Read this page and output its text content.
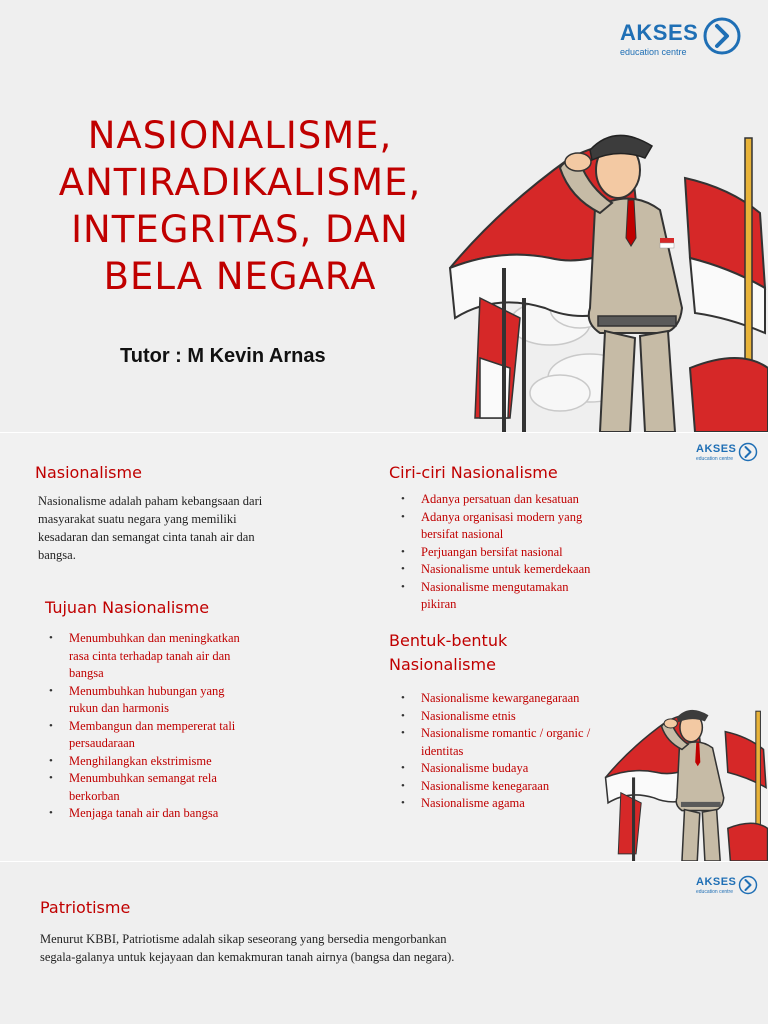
AKSES
education centre
NASIONALISME,
ANTIRADIKALISME,
INTEGRITAS, DAN
BELA NEGARA
Tutor : M Kevin Arnas
AKSES
education centre
Nasionalisme

Nasionalisme adalah paham kebangsaan dari
masyarakat suatu negara yang memiliki
kesadaran dan semangat cinta tanah air dan
bangsa.

Tujuan Nasionalisme
• Menumbuhkan dan meningkatkan
rasa cinta terhadap tanah air dan
bangsa
• Menumbuhkan hubungan yang
rukun dan harmonis
• Membangun dan mempererat tali
persaudaraan
• Menghilangkan ekstrimisme
• Menumbuhkan semangat rela
berkorban
• Menjaga tanah air dan bangsa
Ciri-ciri Nasionalisme
• Adanya persatuan dan kesatuan
• Adanya organisasi modern yang
bersifat nasional
• Perjuangan bersifat nasional
• Nasionalisme untuk kemerdekaan
• Nasionalisme mengutamakan
pikiran
Bentuk-bentuk
Nasionalisme
• Nasionalisme kewarganegaraan
• Nasionalisme etnis
• Nasionalisme romantic / organic /
identitas
• Nasionalisme budaya
• Nasionalisme kenegaraan
• Nasionalisme agama
AKSES
education centre
Patriotisme

Menurut KBBI, Patriotisme adalah sikap seseorang yang bersedia mengorbankan
segala-galanya untuk kejayaan dan kemakmuran tanah airnya (bangsa dan negara).
